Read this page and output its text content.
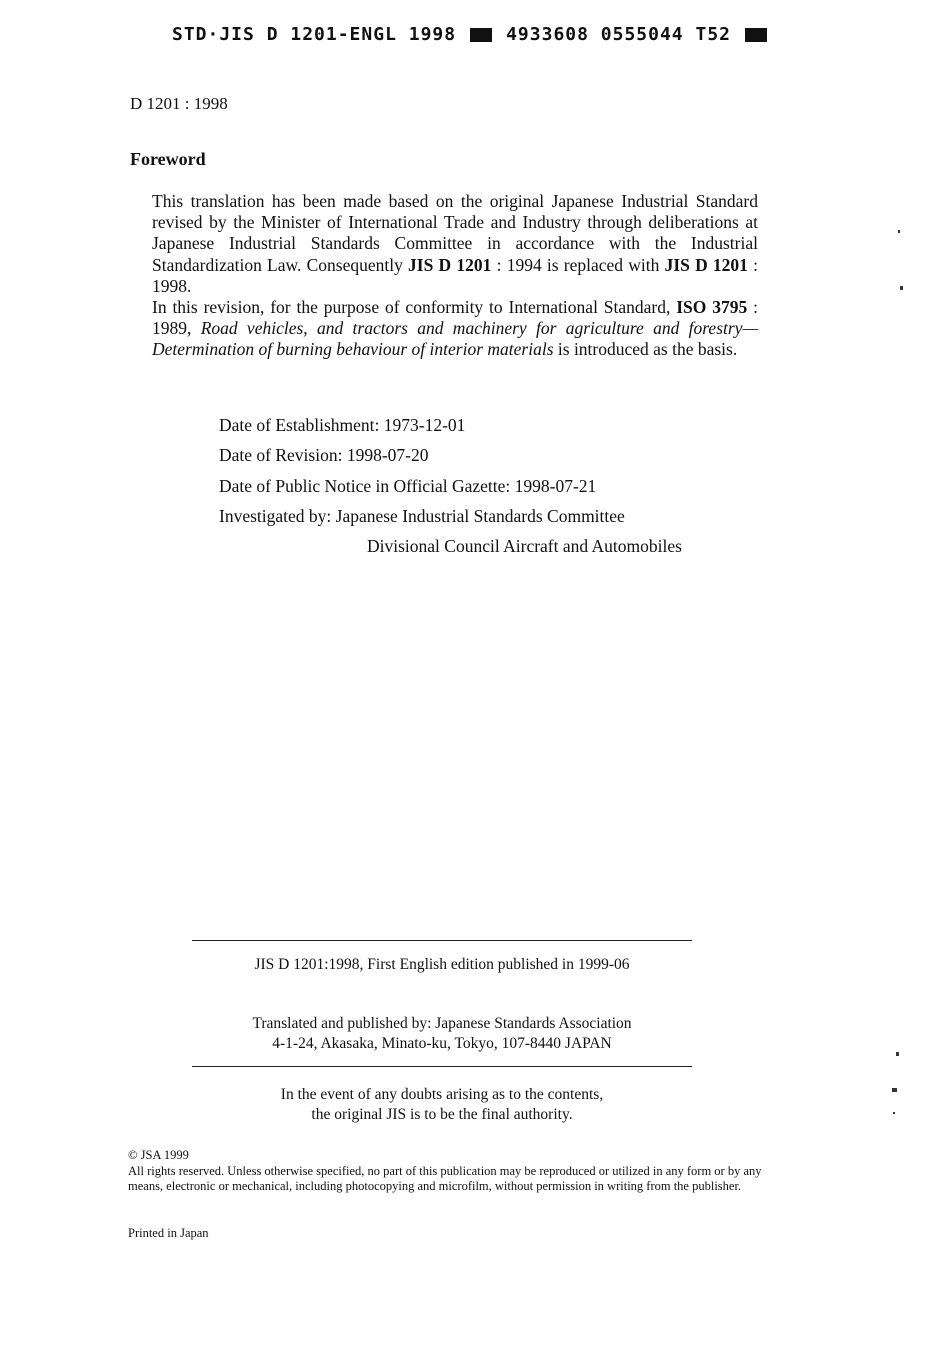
STD·JIS D 1201-ENGL 1998	4933608 0555044 T52
D 1201 : 1998
Foreword

This translation has been made based on the original Japanese Industrial Standard revised by the Minister of International Trade and Industry through deliberations at Japanese Industrial Standards Committee in accordance with the Industrial Standardization Law. Consequently JIS D 1201 : 1994 is replaced with JIS D 1201 : 1998.

In this revision, for the purpose of conformity to International Standard, ISO 3795 : 1989, Road vehicles, and tractors and machinery for agriculture and forestry—Determination of burning behaviour of interior materials is introduced as the basis.

Date of Establishment: 1973-12-01
Date of Revision: 1998-07-20
Date of Public Notice in Official Gazette: 1998-07-21
Investigated by: Japanese Industrial Standards Committee
Divisional Council Aircraft and Automobiles
JIS D 1201:1998, First English edition published in 1999-06
Translated and published by: Japanese Standards Association
4-1-24, Akasaka, Minato-ku, Tokyo, 107-8440 JAPAN
In the event of any doubts arising as to the contents,
the original JIS is to be the final authority.
© JSA 1999
All rights reserved. Unless otherwise specified, no part of this publication may be reproduced or utilized in any form or by any means, electronic or mechanical, including photocopying and microfilm, without permission in writing from the publisher.
Printed in Japan
